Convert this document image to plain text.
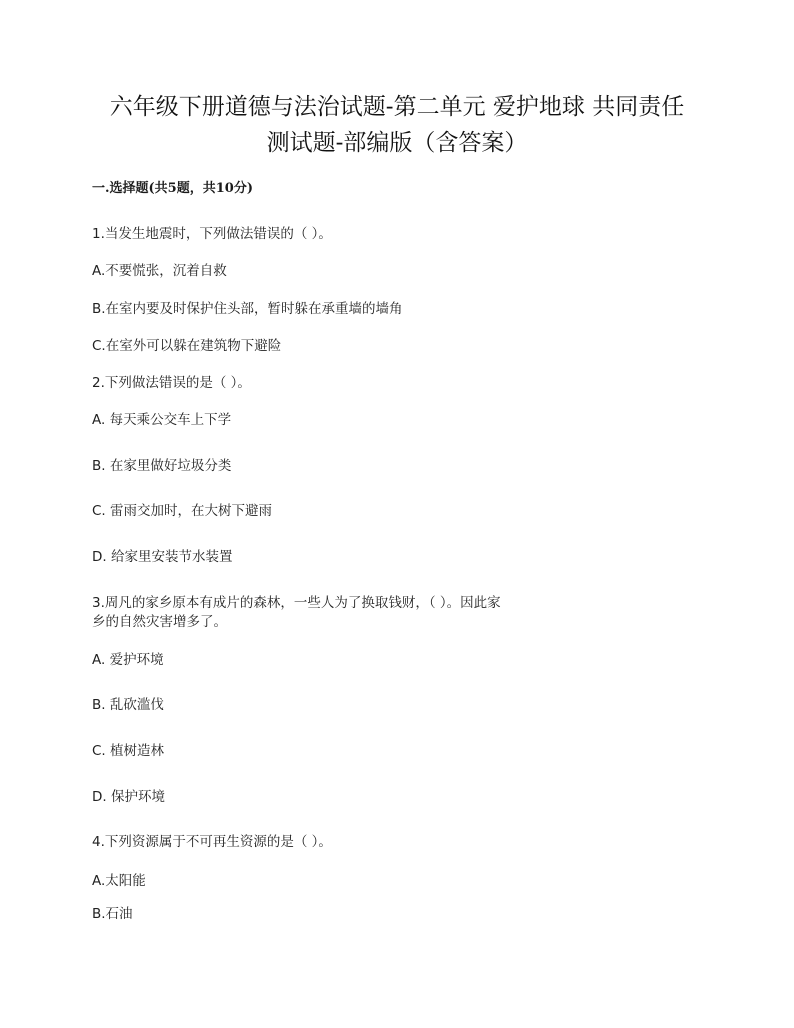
六年级下册道德与法治试题-第二单元 爱护地球 共同责任
测试题-部编版（含答案）
一.选择题(共5题，共10分)
1.当发生地震时，下列做法错误的（ ）。
A.不要慌张，沉着自救
B.在室内要及时保护住头部，暂时躲在承重墙的墙角
C.在室外可以躲在建筑物下避险
2.下列做法错误的是（ ）。
A. 每天乘公交车上下学
B. 在家里做好垃圾分类
C. 雷雨交加时，在大树下避雨
D. 给家里安装节水装置
3.周凡的家乡原本有成片的森林，一些人为了换取钱财，（ ）。因此家乡的自然灾害增多了。
A. 爱护环境
B. 乱砍滥伐
C. 植树造林
D. 保护环境
4.下列资源属于不可再生资源的是（ ）。
A.太阳能
B.石油
